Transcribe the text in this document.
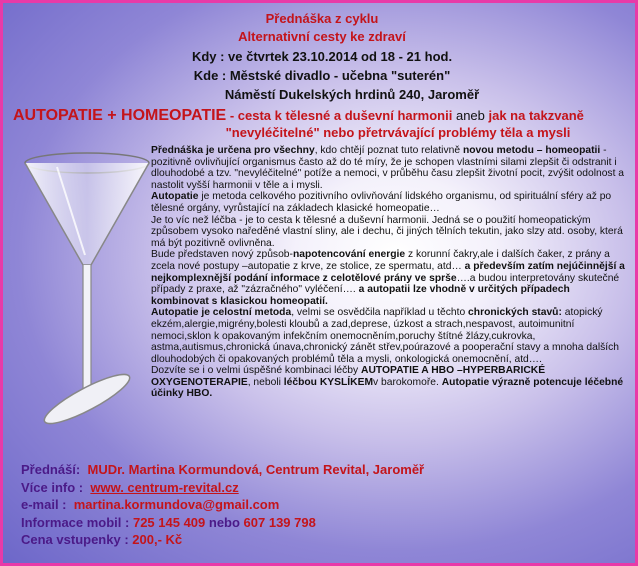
Přednáška z cyklu
Alternativní cesty ke zdraví
Kdy : ve čtvrtek 23.10.2014 od 18 - 21 hod.
Kde : Městské divadlo - učebna "suterén"
Náměstí Dukelských hrdinů 240, Jaroměř
AUTOPATIE + HOMEOPATIE - cesta k tělesné a duševní harmonii aneb jak na takzvaně
"nevyléčitelné" nebo přetrvávající problémy těla a mysli

Přednáška je určena pro všechny, kdo chtějí poznat tuto relativně novou metodu – homeopatii - pozitivně ovlivňující organismus často až do té míry, že je schopen vlastními silami zlepšit či odstranit i dlouhodobé a tzv. "nevyléčitelné" potíže a nemoci, v průběhu času zlepšit životní pocit, zvýšit odolnost a nastolit vyšší harmonii v těle a i mysli.

Autopatie je metoda celkového pozitivního ovlivňování lidského organismu, od spirituální sféry až po tělesné orgány, vyrůstající na základech klasické homeopatie…

Je to víc než léčba - je to cesta k tělesné a duševní harmonii. Jedná se o použití homeopatickým způsobem vysoko naředěné vlastní sliny, ale i dechu, či jiných tělních tekutin, jako slzy atd. osoby, která má být pozitivně ovlivněna.

Bude představen nový způsob-napotencování energie z korunní čakry,ale i dalších čaker, z prány a zcela nové postupy –autopatie z krve, ze stolice, ze spermatu, atd… a především zatím nejúčinnější a nejkomplexnější podání informace z celotělové prány ve spršе….a budou interpretovány skutečné případy z praxe, až "zázračného" vyléčení…. a autopatii lze vhodně v určitých případech kombinovat s klasickou homeopatií.

Autopatie je celostní metoda, velmi se osvědčila například u těchto chronických stavů: atopický ekzém,alergie,migrény,bolesti kloubů a zad,deprese, úzkost a strach,nespavost, autoimunitní nemoci,sklon k opakovaným infekčním onemocněním,poruchy štítné žlázy,cukrovka, astma,autismus,chronická únava,chronický zánět střev,poúrazové a pooperační stavy a mnoha dalších dlouhodobých či opakovaných problémů těla a mysli, onkologická onemocnění, atd….

Dozvíte se i o velmi úspěšné kombinaci léčby AUTOPATIE A HBO –HYPERBARICKÉ OXYGENOTERAPIE, neboli léčbou KYSLÍKEMv barokomoře. Autopatie výrazně potencuje léčebné účinky HBO.

Přednáší: MUDr. Martina Kormundová, Centrum Revital, Jaroměř
Více info : www. centrum-revital.cz
e-mail : martina.kormundova@gmail.com
Informace mobil : 725 145 409 nebo 607 139 798
Cena vstupenky : 200,- Kč
